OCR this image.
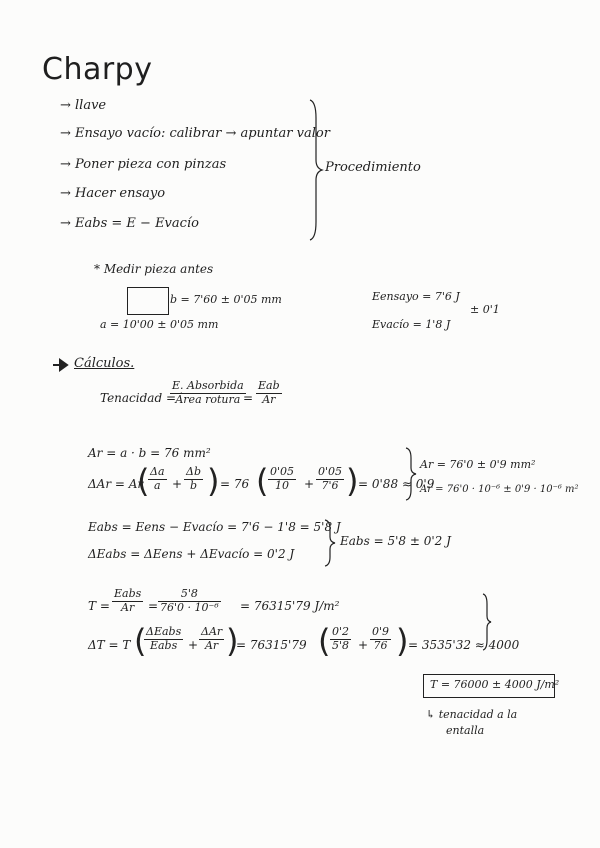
Charpy
→ llave
→ Ensayo vacío: calibrar → apuntar valor
→ Poner pieza con pinzas
→ Hacer ensayo
→ Eabs = E − Evacío
Procedimiento
* Medir pieza antes
b = 7'60 ± 0'05 mm
a = 10'00 ± 0'05 mm
Eensayo = 7'6 J
Evacío = 1'8 J
± 0'1
Cálculos.
Tenacidad =
E. Absorbida
Área rotura =
Eab
Ar
Ar = a · b = 76 mm²
ΔAr = Ar
(
$\frac{\Delta a}{a} + \frac{\Delta b}{b}$ ) = 76 ( $\frac{0'05}{10} + \frac{0'05}{7'6}$ ) = 0'88 ≈ 0'9
Ar = 76'0 ± 0'9 mm²
Ar = 76'0 · 10⁻⁶ ± 0'9 · 10⁻⁶ m²
Eabs = Eens − Evacío = 7'6 − 1'8 = 5'8 J
ΔEabs = ΔEens + ΔEvacío = 0'2 J
Eabs = 5'8 ± 0'2 J
T =
Eabs
Ar	= $\frac{5'8}{\text{76'0 · 10⁻⁶}} = 76315'79$ J/m²
ΔT = T ( ΔEabs
Eabs +
ΔAr
Ar )
= 76315'79 ( $\frac{0'2}{5'8} + \frac{0'9}{76}$ ) = 3535'32 ≈ 4000
T = 76000 ± 4000 J/m²
↳ tenacidad a la
entalla
